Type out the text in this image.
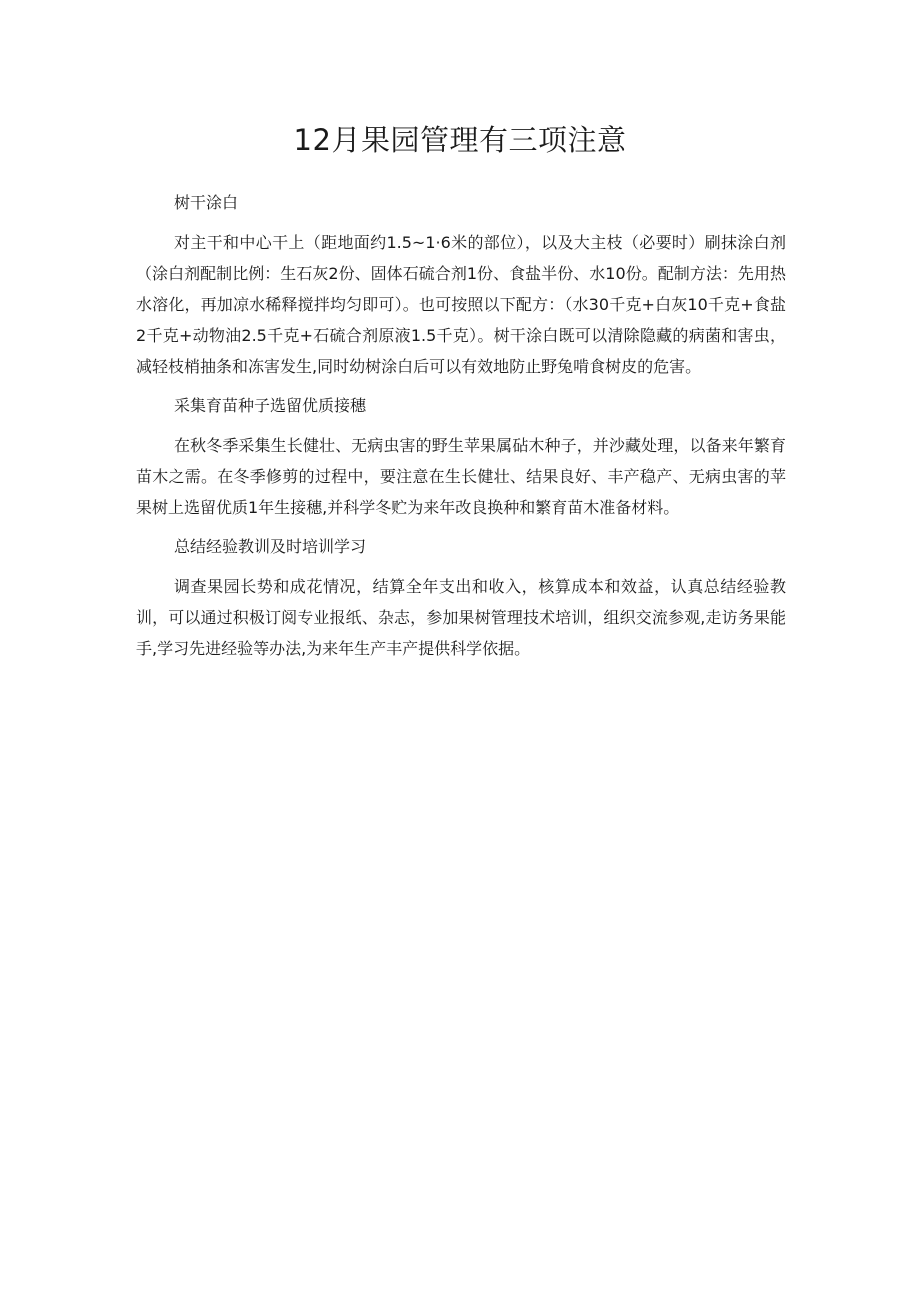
12月果园管理有三项注意

树干涂白

对主干和中心干上（距地面约1.5~1·6米的部位），以及大主枝（必要时）刷抹涂白剂（涂白剂配制比例：生石灰2份、固体石硫合剂1份、食盐半份、水10份。配制方法：先用热水溶化，再加凉水稀释搅拌均匀即可）。也可按照以下配方：（水30千克+白灰10千克+食盐2千克+动物油2.5千克+石硫合剂原液1.5千克）。树干涂白既可以清除隐藏的病菌和害虫，减轻枝梢抽条和冻害发生,同时幼树涂白后可以有效地防止野兔啃食树皮的危害。

采集育苗种子选留优质接穗

在秋冬季采集生长健壮、无病虫害的野生苹果属砧木种子，并沙藏处理，以备来年繁育苗木之需。在冬季修剪的过程中，要注意在生长健壮、结果良好、丰产稳产、无病虫害的苹果树上选留优质1年生接穗,并科学冬贮为来年改良换种和繁育苗木准备材料。

总结经验教训及时培训学习

调查果园长势和成花情况，结算全年支出和收入，核算成本和效益，认真总结经验教训，可以通过积极订阅专业报纸、杂志，参加果树管理技术培训，组织交流参观,走访务果能手,学习先进经验等办法,为来年生产丰产提供科学依据。
